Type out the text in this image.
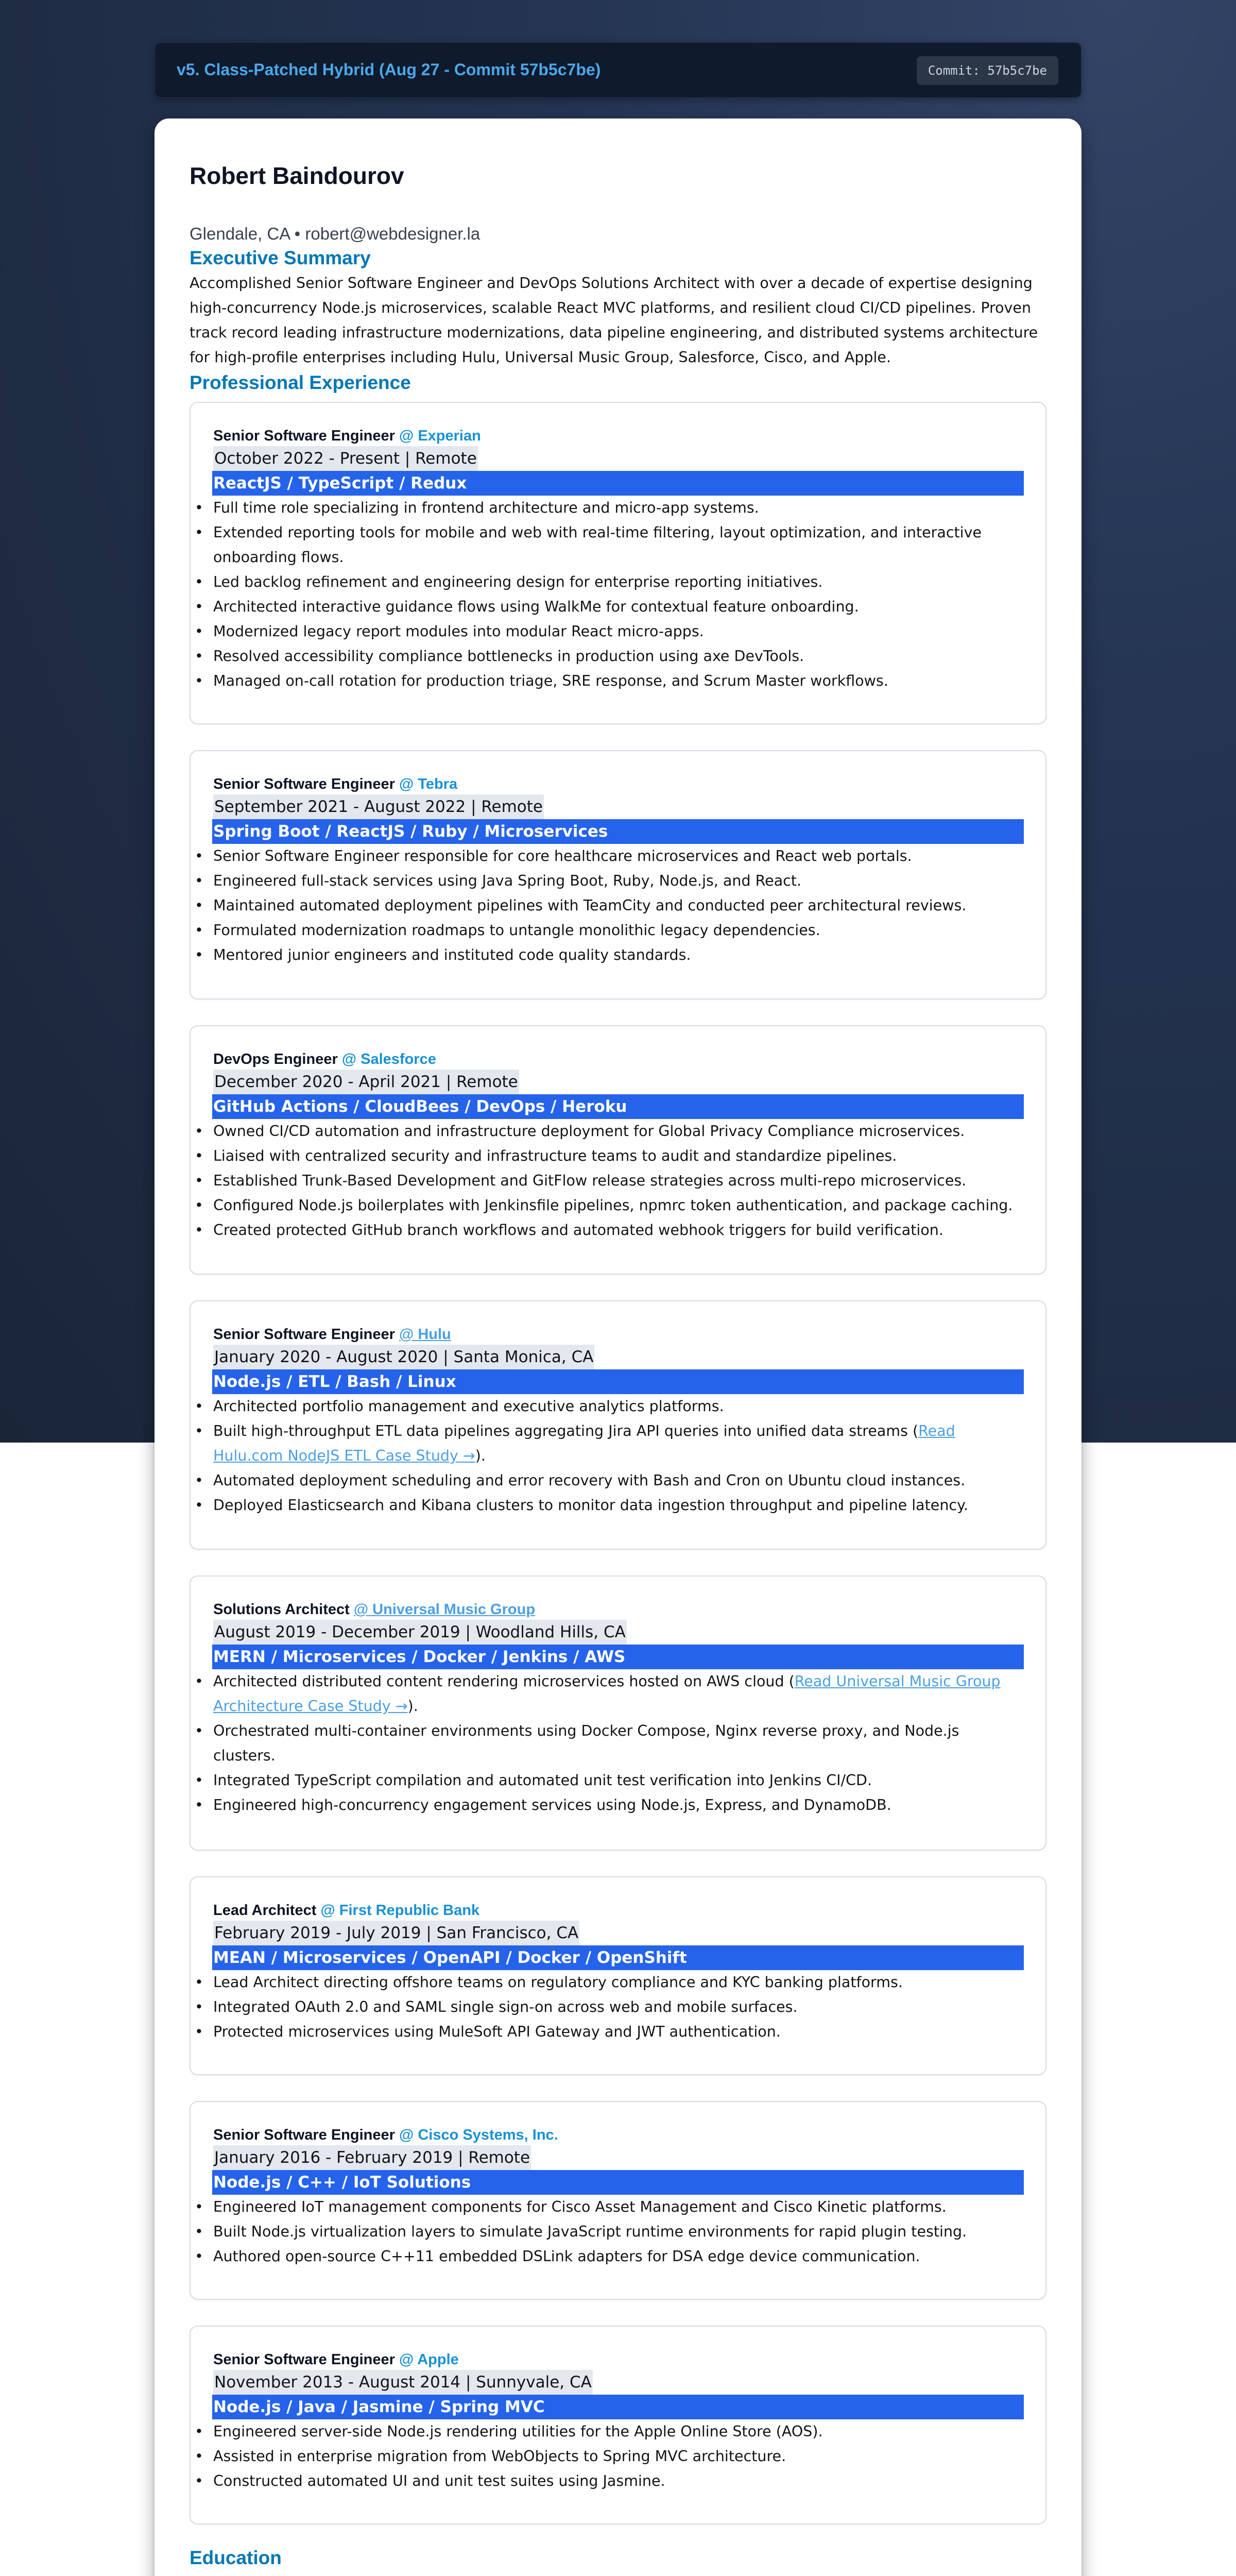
v5. Class-Patched Hybrid (Aug 27 - Commit 57b5c7be)	Commit: 57b5c7be
Robert Baindourov
Glendale, CA • robert@webdesigner.la
Executive Summary

Accomplished Senior Software Engineer and DevOps Solutions Architect with over a decade of expertise designing high-concurrency Node.js microservices, scalable React MVC platforms, and resilient cloud CI/CD pipelines. Proven track record leading infrastructure modernizations, data pipeline engineering, and distributed systems architecture for high-profile enterprises including Hulu, Universal Music Group, Salesforce, Cisco, and Apple.

Professional Experience
Senior Software Engineer @ Experian
October 2022 - Present | Remote
ReactJS / TypeScript / Redux
• Full time role specializing in frontend architecture and micro-app systems.
• Extended reporting tools for mobile and web with real-time filtering, layout optimization, and interactive onboarding flows.
• Led backlog refinement and engineering design for enterprise reporting initiatives.
• Architected interactive guidance flows using WalkMe for contextual feature onboarding.
• Modernized legacy report modules into modular React micro-apps.
• Resolved accessibility compliance bottlenecks in production using axe DevTools.
• Managed on-call rotation for production triage, SRE response, and Scrum Master workflows.
Senior Software Engineer @ Tebra
September 2021 - August 2022 | Remote
Spring Boot / ReactJS / Ruby / Microservices
• Senior Software Engineer responsible for core healthcare microservices and React web portals.
• Engineered full-stack services using Java Spring Boot, Ruby, Node.js, and React.
• Maintained automated deployment pipelines with TeamCity and conducted peer architectural reviews.
• Formulated modernization roadmaps to untangle monolithic legacy dependencies.
• Mentored junior engineers and instituted code quality standards.
DevOps Engineer @ Salesforce
December 2020 - April 2021 | Remote
GitHub Actions / CloudBees / DevOps / Heroku
• Owned CI/CD automation and infrastructure deployment for Global Privacy Compliance microservices.
• Liaised with centralized security and infrastructure teams to audit and standardize pipelines.
• Established Trunk-Based Development and GitFlow release strategies across multi-repo microservices.
• Configured Node.js boilerplates with Jenkinsfile pipelines, npmrc token authentication, and package caching.
• Created protected GitHub branch workflows and automated webhook triggers for build verification.
Senior Software Engineer @ Hulu
January 2020 - August 2020 | Santa Monica, CA
Node.js / ETL / Bash / Linux
• Architected portfolio management and executive analytics platforms.
• Built high-throughput ETL data pipelines aggregating Jira API queries into unified data streams (Read Hulu.com NodeJS ETL Case Study →).
• Automated deployment scheduling and error recovery with Bash and Cron on Ubuntu cloud instances.
• Deployed Elasticsearch and Kibana clusters to monitor data ingestion throughput and pipeline latency.
Solutions Architect @ Universal Music Group
August 2019 - December 2019 | Woodland Hills, CA
MERN / Microservices / Docker / Jenkins / AWS
• Architected distributed content rendering microservices hosted on AWS cloud (Read Universal Music Group Architecture Case Study →).
• Orchestrated multi-container environments using Docker Compose, Nginx reverse proxy, and Node.js clusters.
• Integrated TypeScript compilation and automated unit test verification into Jenkins CI/CD.
• Engineered high-concurrency engagement services using Node.js, Express, and DynamoDB.
Lead Architect @ First Republic Bank
February 2019 - July 2019 | San Francisco, CA
MEAN / Microservices / OpenAPI / Docker / OpenShift
• Lead Architect directing offshore teams on regulatory compliance and KYC banking platforms.
• Integrated OAuth 2.0 and SAML single sign-on across web and mobile surfaces.
• Protected microservices using MuleSoft API Gateway and JWT authentication.
Senior Software Engineer @ Cisco Systems, Inc.
January 2016 - February 2019 | Remote
Node.js / C++ / IoT Solutions
• Engineered IoT management components for Cisco Asset Management and Cisco Kinetic platforms.
• Built Node.js virtualization layers to simulate JavaScript runtime environments for rapid plugin testing.
• Authored open-source C++11 embedded DSLink adapters for DSA edge device communication.
Senior Software Engineer @ Apple
November 2013 - August 2014 | Sunnyvale, CA
Node.js / Java / Jasmine / Spring MVC
• Engineered server-side Node.js rendering utilities for the Apple Online Store (AOS).
• Assisted in enterprise migration from WebObjects to Spring MVC architecture.
• Constructed automated UI and unit test suites using Jasmine.
Education
